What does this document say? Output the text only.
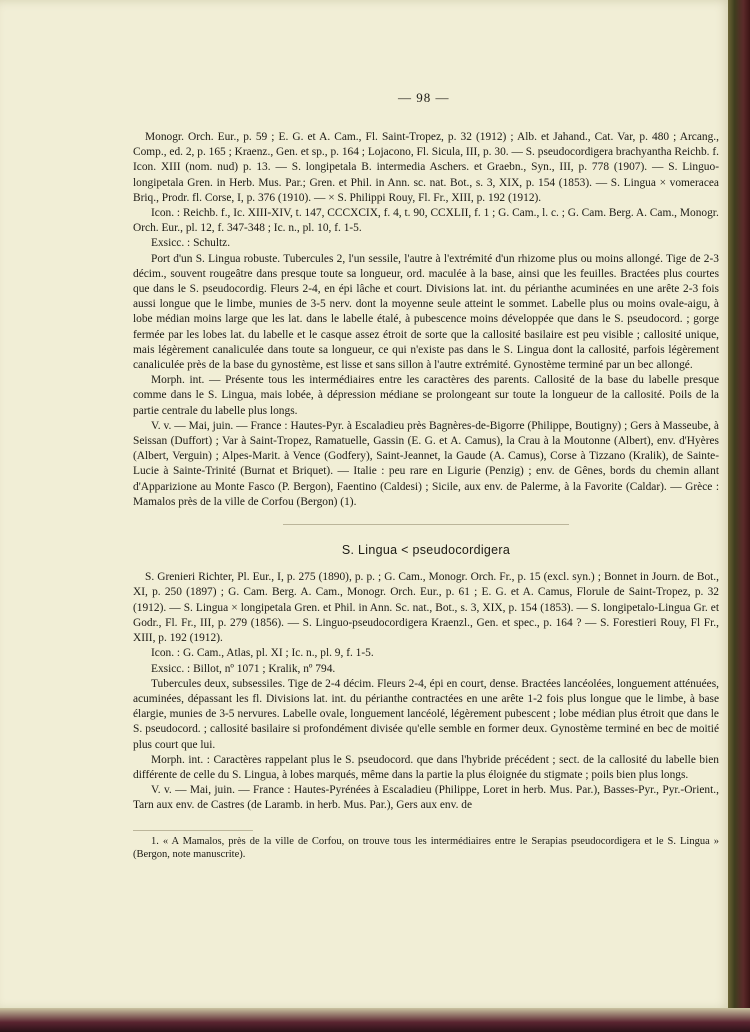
— 98 —

Monogr. Orch. Eur., p. 59 ; E. G. et A. Cam., Fl. Saint-Tropez, p. 32 (1912) ; Alb. et Jahand., Cat. Var, p. 480 ; Arcang., Comp., ed. 2, p. 165 ; Kraenz., Gen. et sp., p. 164 ; Lojacono, Fl. Sicula, III, p. 30. — S. pseudocordigera brachyantha Reichb. f. Icon. XIII (nom. nud) p. 13. — S. longipetala B. intermedia Aschers. et Graebn., Syn., III, p. 778 (1907). — S. Linguo-longipetala Gren. in Herb. Mus. Par.; Gren. et Phil. in Ann. sc. nat. Bot., s. 3, XIX, p. 154 (1853). — S. Lingua × vomeracea Briq., Prodr. fl. Corse, I, p. 376 (1910). — × S. Philippi Rouy, Fl. Fr., XIII, p. 192 (1912).

Icon. : Reichb. f., Ic. XIII-XIV, t. 147, CCCXCIX, f. 4, t. 90, CCXLII, f. 1 ; G. Cam., l. c. ; G. Cam. Berg. A. Cam., Monogr. Orch. Eur., pl. 12, f. 347-348 ; Ic. n., pl. 10, f. 1-5.

Exsicc. : Schultz.

Port d'un S. Lingua robuste. Tubercules 2, l'un sessile, l'autre à l'extrémité d'un rhizome plus ou moins allongé. Tige de 2-3 décim., souvent rougeâtre dans presque toute sa longueur, ord. maculée à la base, ainsi que les feuilles. Bractées plus courtes que dans le S. pseudocordig. Fleurs 2-4, en épi lâche et court. Divisions lat. int. du périanthe acuminées en une arête 2-3 fois aussi longue que le limbe, munies de 3-5 nerv. dont la moyenne seule atteint le sommet. Labelle plus ou moins ovale-aigu, à lobe médian moins large que les lat. dans le labelle étalé, à pubescence moins développée que dans le S. pseudocord. ; gorge fermée par les lobes lat. du labelle et le casque assez étroit de sorte que la callosité basilaire est peu visible ; callosité unique, mais légèrement canaliculée dans toute sa longueur, ce qui n'existe pas dans le S. Lingua dont la callosité, parfois légèrement canaliculée près de la base du gynostème, est lisse et sans sillon à l'autre extrémité. Gynostème terminé par un bec allongé.

Morph. int. — Présente tous les intermédiaires entre les caractères des parents. Callosité de la base du labelle presque comme dans le S. Lingua, mais lobée, à dépression médiane se prolongeant sur toute la longueur de la callosité. Poils de la partie centrale du labelle plus longs.

V. v. — Mai, juin. — France : Hautes-Pyr. à Escaladieu près Bagnères-de-Bigorre (Philippe, Boutigny) ; Gers à Masseube, à Seissan (Duffort) ; Var à Saint-Tropez, Ramatuelle, Gassin (E. G. et A. Camus), la Crau à la Moutonne (Albert), env. d'Hyères (Albert, Verguin) ; Alpes-Marit. à Vence (Godfery), Saint-Jeannet, la Gaude (A. Camus), Corse à Tizzano (Kralik), de Sainte-Lucie à Sainte-Trinité (Burnat et Briquet). — Italie : peu rare en Ligurie (Penzig) ; env. de Gênes, bords du chemin allant d'Apparizione au Monte Fasco (P. Bergon), Faentino (Caldesi) ; Sicile, aux env. de Palerme, à la Favorite (Caldar). — Grèce : Mamalos près de la ville de Corfou (Bergon) (1).

S. Lingua < pseudocordigera

S. Grenieri Richter, Pl. Eur., I, p. 275 (1890), p. p. ; G. Cam., Monogr. Orch. Fr., p. 15 (excl. syn.) ; Bonnet in Journ. de Bot., XI, p. 250 (1897) ; G. Cam. Berg. A. Cam., Monogr. Orch. Eur., p. 61 ; E. G. et A. Camus, Florule de Saint-Tropez, p. 32 (1912). — S. Lingua × longipetala Gren. et Phil. in Ann. Sc. nat., Bot., s. 3, XIX, p. 154 (1853). — S. longipetalo-Lingua Gr. et Godr., Fl. Fr., III, p. 279 (1856). — S. Linguo-pseudocordigera Kraenzl., Gen. et spec., p. 164 ? — S. Forestieri Rouy, Fl Fr., XIII, p. 192 (1912).

Icon. : G. Cam., Atlas, pl. XI ; Ic. n., pl. 9, f. 1-5.

Exsicc. : Billot, nº 1071 ; Kralik, nº 794.

Tubercules deux, subsessiles. Tige de 2-4 décim. Fleurs 2-4, épi en court, dense. Bractées lancéolées, longuement atténuées, acuminées, dépassant les fl. Divisions lat. int. du périanthe contractées en une arête 1-2 fois plus longue que le limbe, à base élargie, munies de 3-5 nervures. Labelle ovale, longuement lancéolé, légèrement pubescent ; lobe médian plus étroit que dans le S. pseudocord. ; callosité basilaire si profondément divisée qu'elle semble en former deux. Gynostème terminé en bec de moitié plus court que lui.

Morph. int. : Caractères rappelant plus le S. pseudocord. que dans l'hybride précédent ; sect. de la callosité du labelle bien différente de celle du S. Lingua, à lobes marqués, même dans la partie la plus éloignée du stigmate ; poils bien plus longs.

V. v. — Mai, juin. — France : Hautes-Pyrénées à Escaladieu (Philippe, Loret in herb. Mus. Par.), Basses-Pyr., Pyr.-Orient., Tarn aux env. de Castres (de Laramb. in herb. Mus. Par.), Gers aux env. de

1. « A Mamalos, près de la ville de Corfou, on trouve tous les intermédiaires entre le Serapias pseudocordigera et le S. Lingua » (Bergon, note manuscrite).
